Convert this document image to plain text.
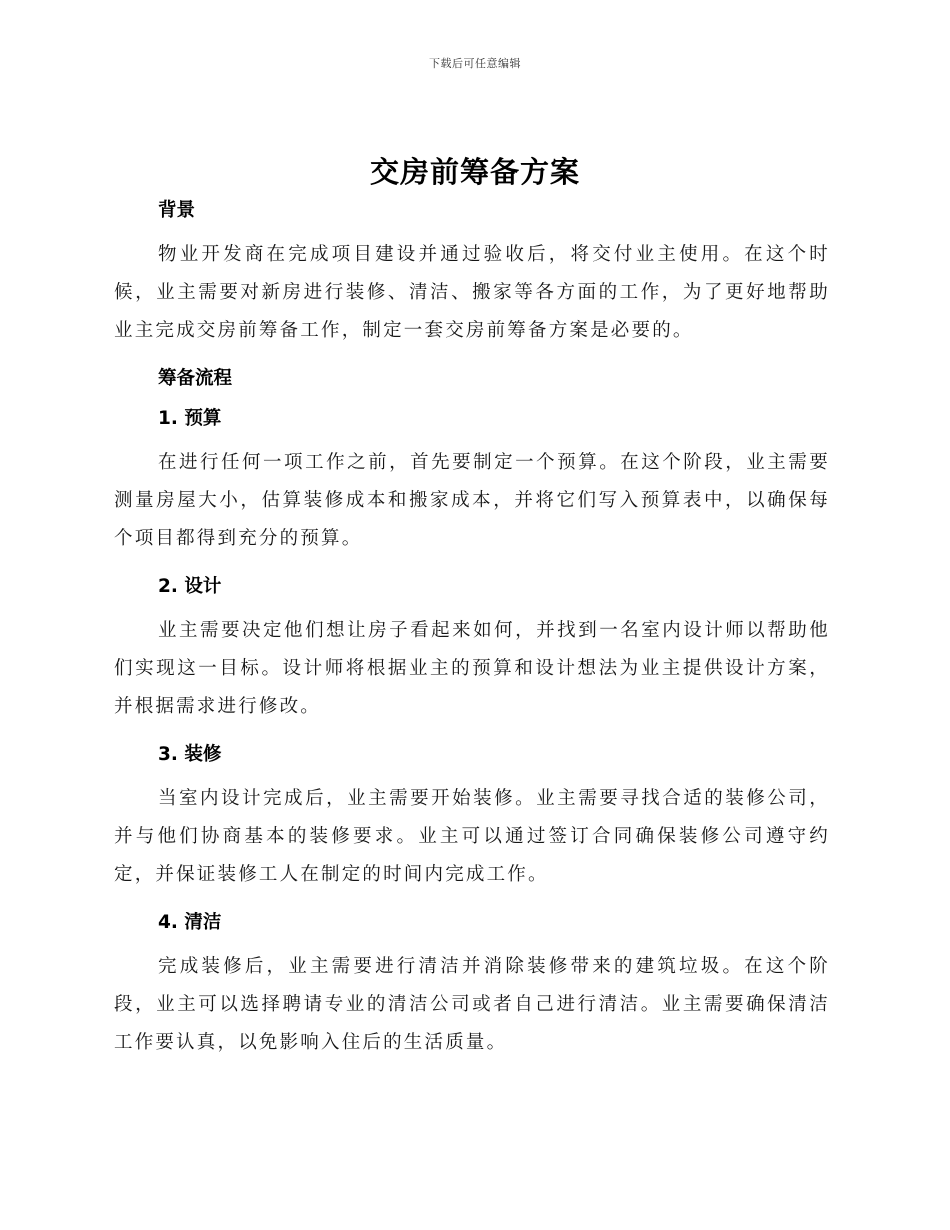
下载后可任意编辑
交房前筹备方案
背景

物业开发商在完成项目建设并通过验收后，将交付业主使用。在这个时候，业主需要对新房进行装修、清洁、搬家等各方面的工作，为了更好地帮助业主完成交房前筹备工作，制定一套交房前筹备方案是必要的。

筹备流程
1. 预算

在进行任何一项工作之前，首先要制定一个预算。在这个阶段，业主需要测量房屋大小，估算装修成本和搬家成本，并将它们写入预算表中，以确保每个项目都得到充分的预算。

2. 设计

业主需要决定他们想让房子看起来如何，并找到一名室内设计师以帮助他们实现这一目标。设计师将根据业主的预算和设计想法为业主提供设计方案，并根据需求进行修改。

3. 装修

当室内设计完成后，业主需要开始装修。业主需要寻找合适的装修公司，并与他们协商基本的装修要求。业主可以通过签订合同确保装修公司遵守约定，并保证装修工人在制定的时间内完成工作。

4. 清洁

完成装修后，业主需要进行清洁并消除装修带来的建筑垃圾。在这个阶段，业主可以选择聘请专业的清洁公司或者自己进行清洁。业主需要确保清洁工作要认真，以免影响入住后的生活质量。
